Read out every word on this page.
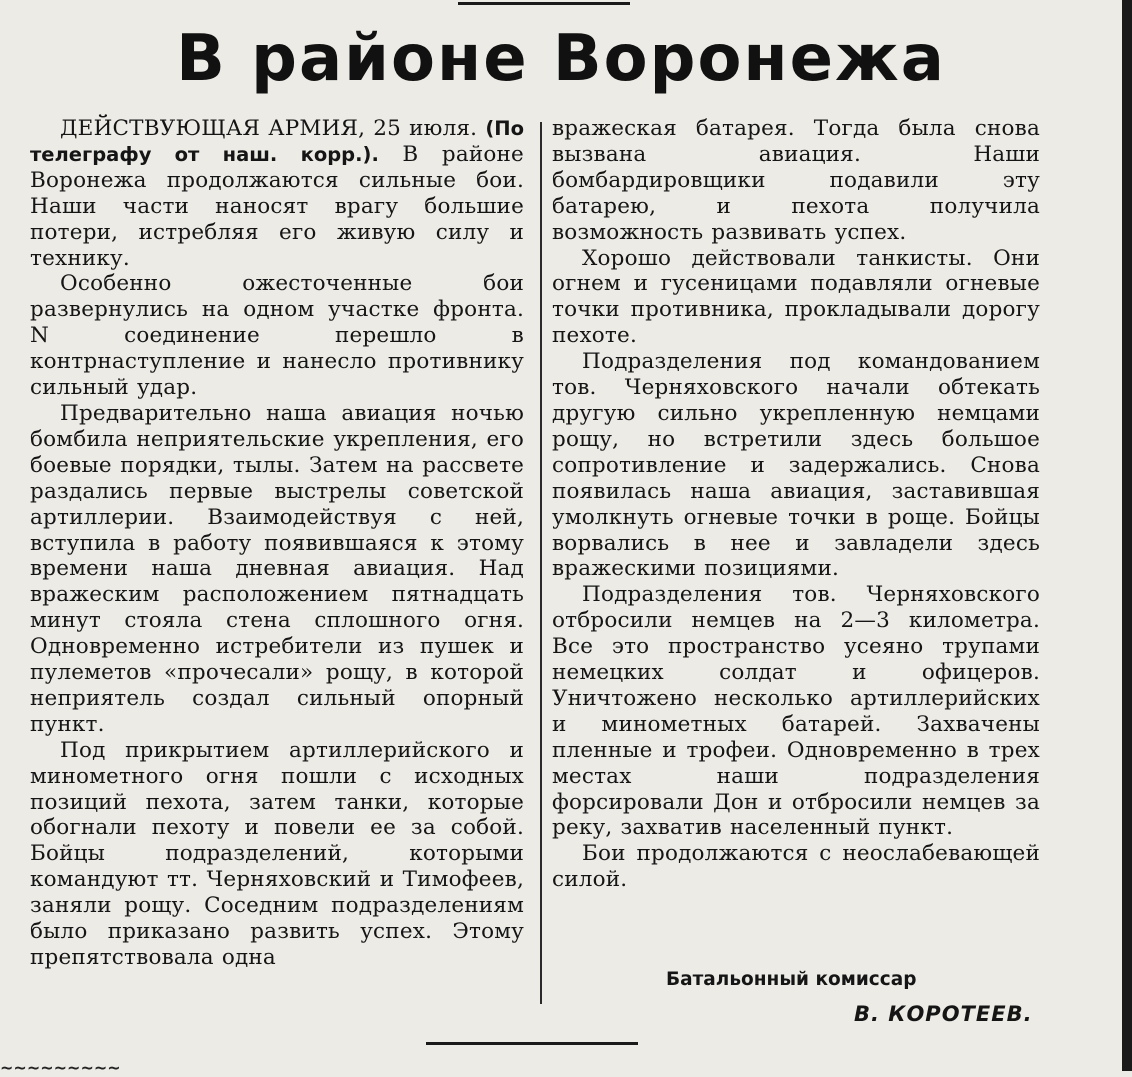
В районе Воронежа

ДЕЙСТВУЮЩАЯ АРМИЯ, 25 июля. (По телеграфу от наш. корр.). В районе Воронежа продолжаются сильные бои. Наши части наносят врагу большие потери, истребляя его живую силу и технику.

Особенно ожесточенные бои развернулись на одном участке фронта. N соединение перешло в контрнаступление и нанесло противнику сильный удар.

Предварительно наша авиация ночью бомбила неприятельские укрепления, его боевые порядки, тылы. Затем на рассвете раздались первые выстрелы советской артиллерии. Взаимодействуя с ней, вступила в работу появившаяся к этому времени наша дневная авиация. Над вражеским расположением пятнадцать минут стояла стена сплошного огня. Одновременно истребители из пушек и пулеметов «прочесали» рощу, в которой неприятель создал сильный опорный пункт.

Под прикрытием артиллерийского и минометного огня пошли с исходных позиций пехота, затем танки, которые обогнали пехоту и повели ее за собой. Бойцы подразделений, которыми командуют тт. Черняховский и Тимофеев, заняли рощу. Соседним подразделениям было приказано развить успех. Этому препятствовала одна

вражеская батарея. Тогда была снова вызвана авиация. Наши бомбардировщики подавили эту батарею, и пехота получила возможность развивать успех.

Хорошо действовали танкисты. Они огнем и гусеницами подавляли огневые точки противника, прокладывали дорогу пехоте.

Подразделения под командованием тов. Черняховского начали обтекать другую сильно укрепленную немцами рощу, но встретили здесь большое сопротивление и задержались. Снова появилась наша авиация, заставившая умолкнуть огневые точки в роще. Бойцы ворвались в нее и завладели здесь вражескими позициями.

Подразделения тов. Черняховского отбросили немцев на 2—3 километра. Все это пространство усеяно трупами немецких солдат и офицеров. Уничтожено несколько артиллерийских и минометных батарей. Захвачены пленные и трофеи. Одновременно в трех местах наши подразделения форсировали Дон и отбросили немцев за реку, захватив населенный пункт.

Бои продолжаются с неослабевающей силой.

Батальонный комиссар
В. КОРОТЕЕВ.
~~~~~~~~~
